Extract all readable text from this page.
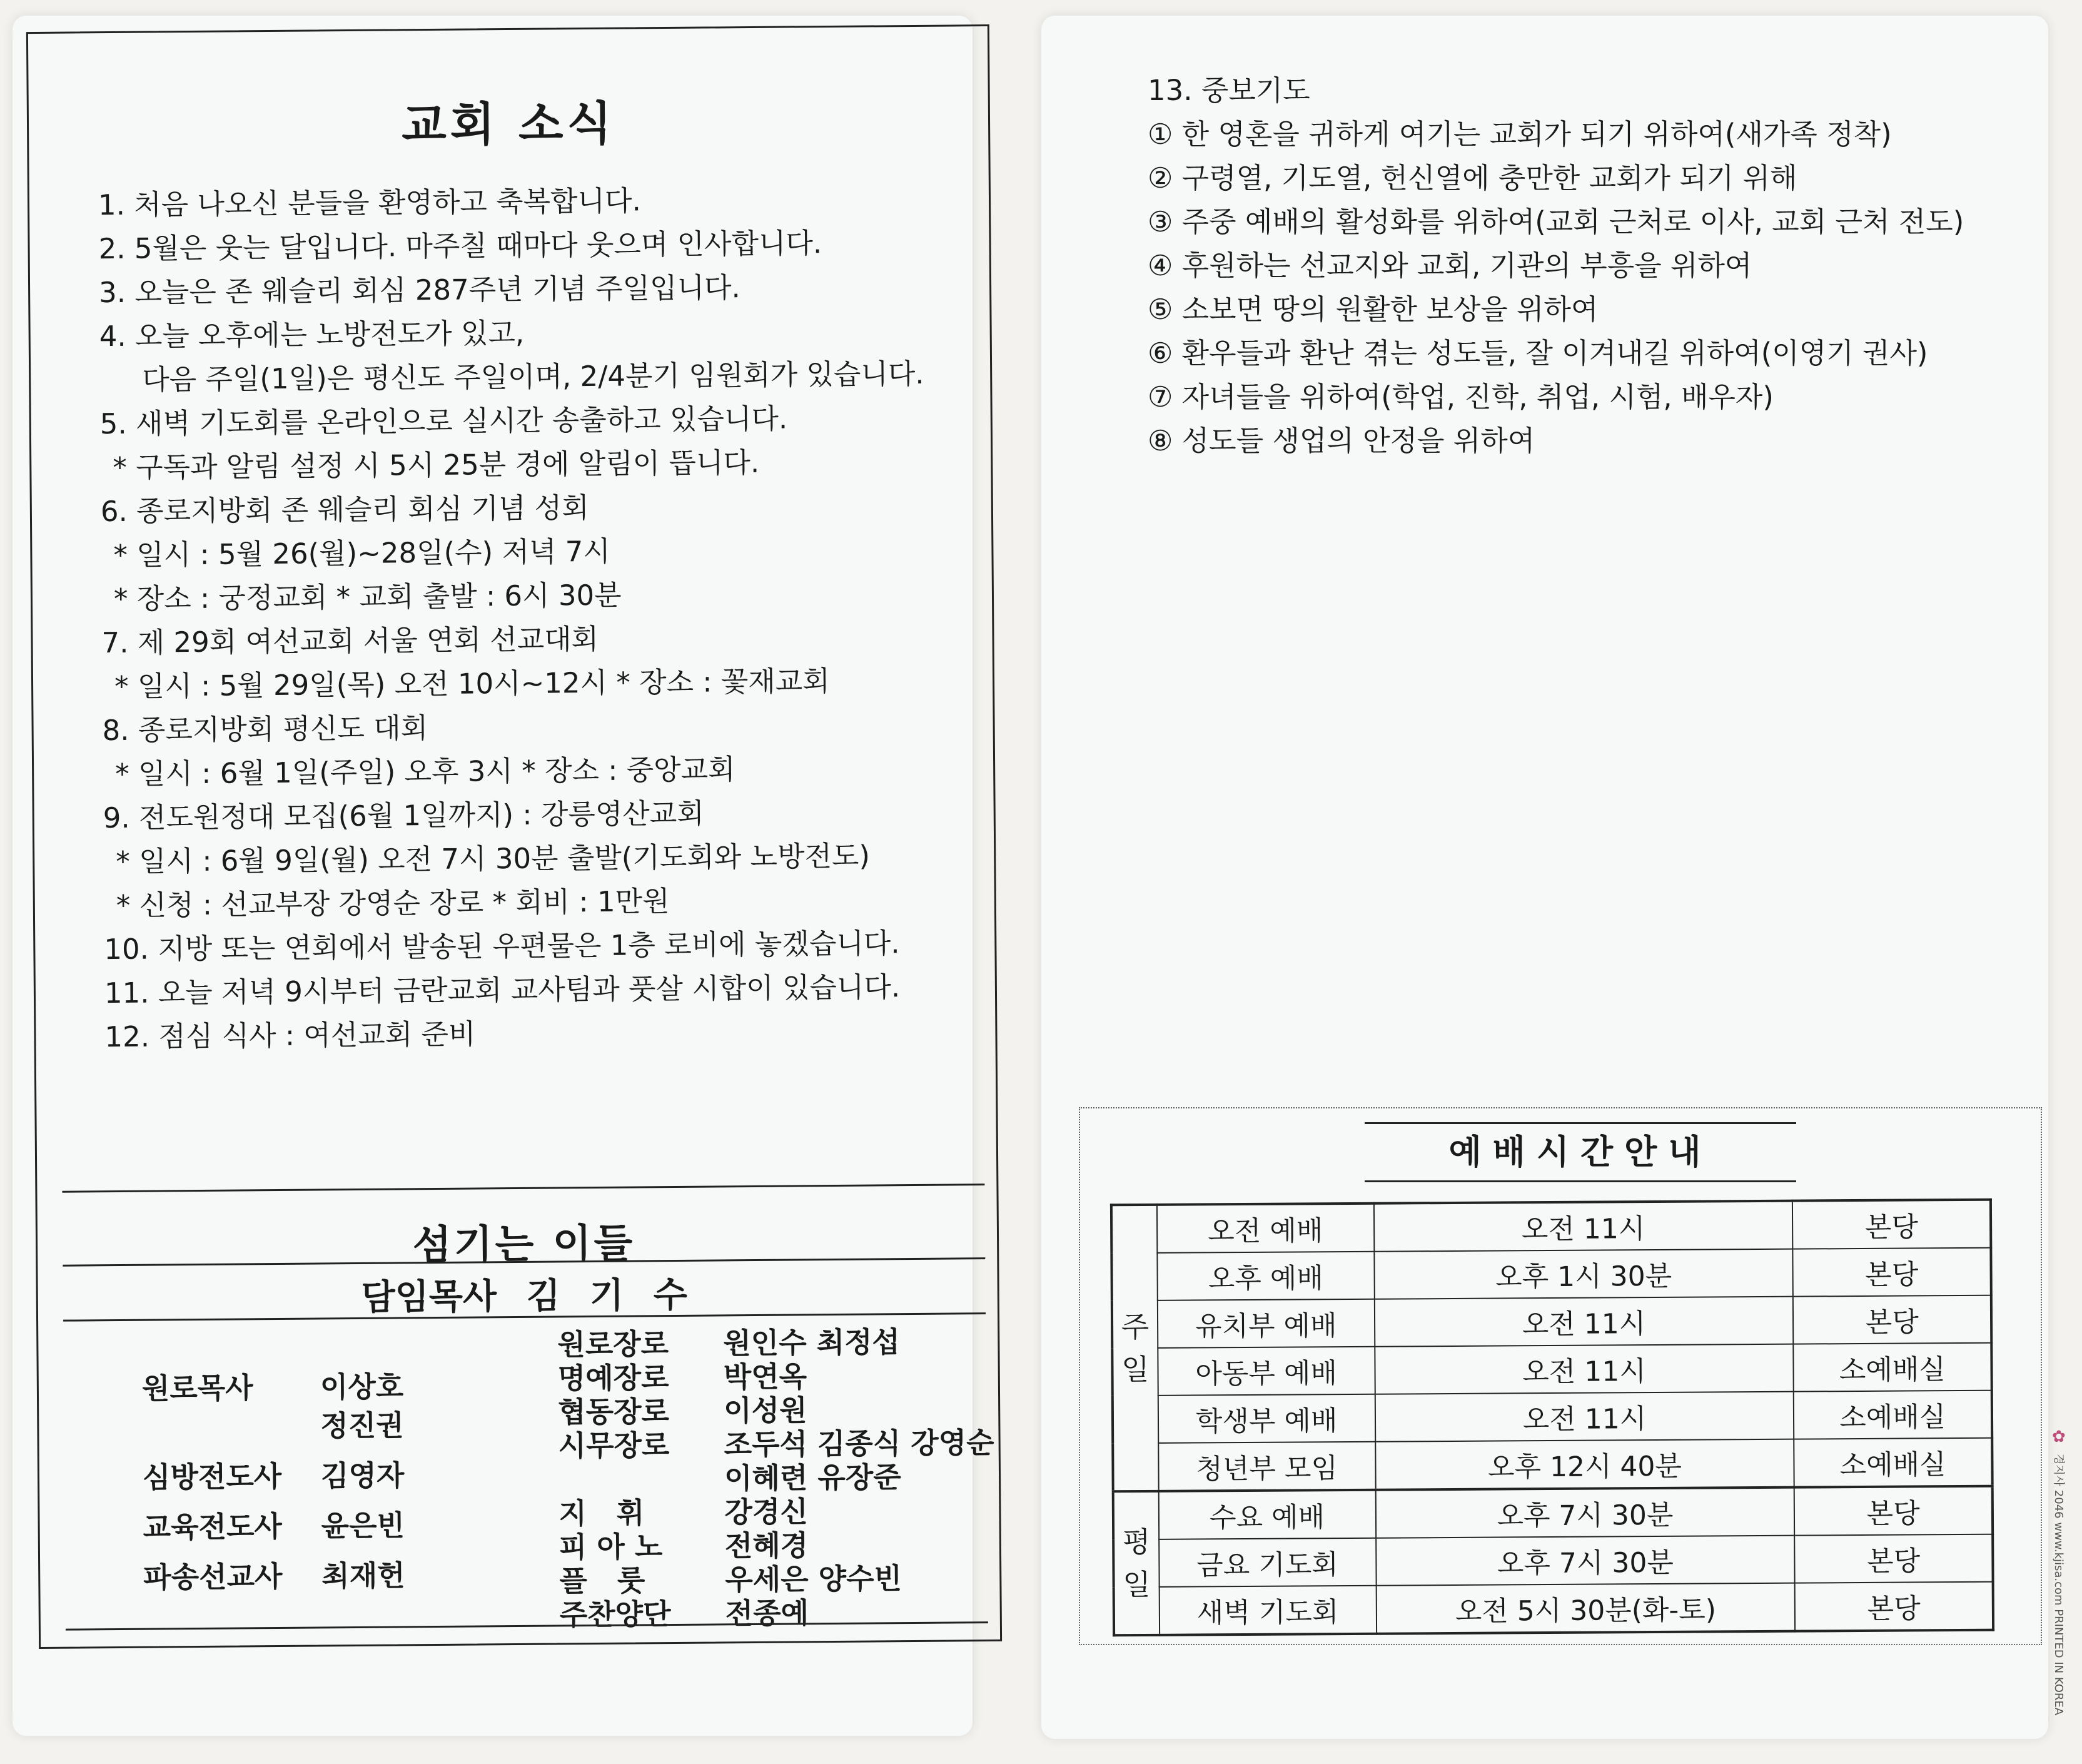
교회 소식
1. 처음 나오신 분들을 환영하고 축복합니다.
2. 5월은 웃는 달입니다. 마주칠 때마다 웃으며 인사합니다.
3. 오늘은 존 웨슬리 회심 287주년 기념 주일입니다.
4. 오늘 오후에는 노방전도가 있고,
다음 주일(1일)은 평신도 주일이며, 2/4분기 임원회가 있습니다.
5. 새벽 기도회를 온라인으로 실시간 송출하고 있습니다.
* 구독과 알림 설정 시 5시 25분 경에 알림이 뜹니다.
6. 종로지방회 존 웨슬리 회심 기념 성회
* 일시 : 5월 26(월)~28일(수) 저녁 7시
* 장소 : 궁정교회 * 교회 출발 : 6시 30분
7. 제 29회 여선교회 서울 연회 선교대회
* 일시 : 5월 29일(목) 오전 10시~12시 * 장소 : 꽃재교회
8. 종로지방회 평신도 대회
* 일시 : 6월 1일(주일) 오후 3시 * 장소 : 중앙교회
9. 전도원정대 모집(6월 1일까지) : 강릉영산교회
* 일시 : 6월 9일(월) 오전 7시 30분 출발(기도회와 노방전도)
* 신청 : 선교부장 강영순 장로 * 회비 : 1만원
10. 지방 또는 연회에서 발송된 우편물은 1층 로비에 놓겠습니다.
11. 오늘 저녁 9시부터 금란교회 교사팀과 풋살 시합이 있습니다.
12. 점심 식사 : 여선교회 준비
섬기는 이들
담임목사 김 기 수
원로목사 이상호
정진권
심방전도사 김영자
교육전도사 윤은빈
파송선교사 최재헌
원로장로 원인수 최정섭
명예장로 박연옥
협동장로 이성원
시무장로 조두석 김종식 강영순
이혜련 유장준
지   휘	강경신
피 아 노 전혜경
플   룻	우세은 양수빈
주찬양단 전종예
13. 중보기도
① 한 영혼을 귀하게 여기는 교회가 되기 위하여(새가족 정착)
② 구령열, 기도열, 헌신열에 충만한 교회가 되기 위해
③ 주중 예배의 활성화를 위하여(교회 근처로 이사, 교회 근처 전도)
④ 후원하는 선교지와 교회, 기관의 부흥을 위하여
⑤ 소보면 땅의 원활한 보상을 위하여
⑥ 환우들과 환난 겪는 성도들, 잘 이겨내길 위하여(이영기 권사)
⑦ 자녀들을 위하여(학업, 진학, 취업, 시험, 배우자)
⑧ 성도들 생업의 안정을 위하여
예배시간안내
주
일	오전 예배	오전 11시	본당
	오후 예배	오후 1시 30분	본당
	유치부 예배	오전 11시	본당
	아동부 예배	오전 11시	소예배실
	학생부 예배	오전 11시	소예배실
	청년부 모임	오후 12시 40분	소예배실

평
일	수요 예배	오후 7시 30분	본당
	금요 기도회	오후 7시 30분	본당
	새벽 기도회	오전 5시 30분(화-토)	본당
✿
경지사 2046 www.kjisa.com PRINTED IN KOREA
